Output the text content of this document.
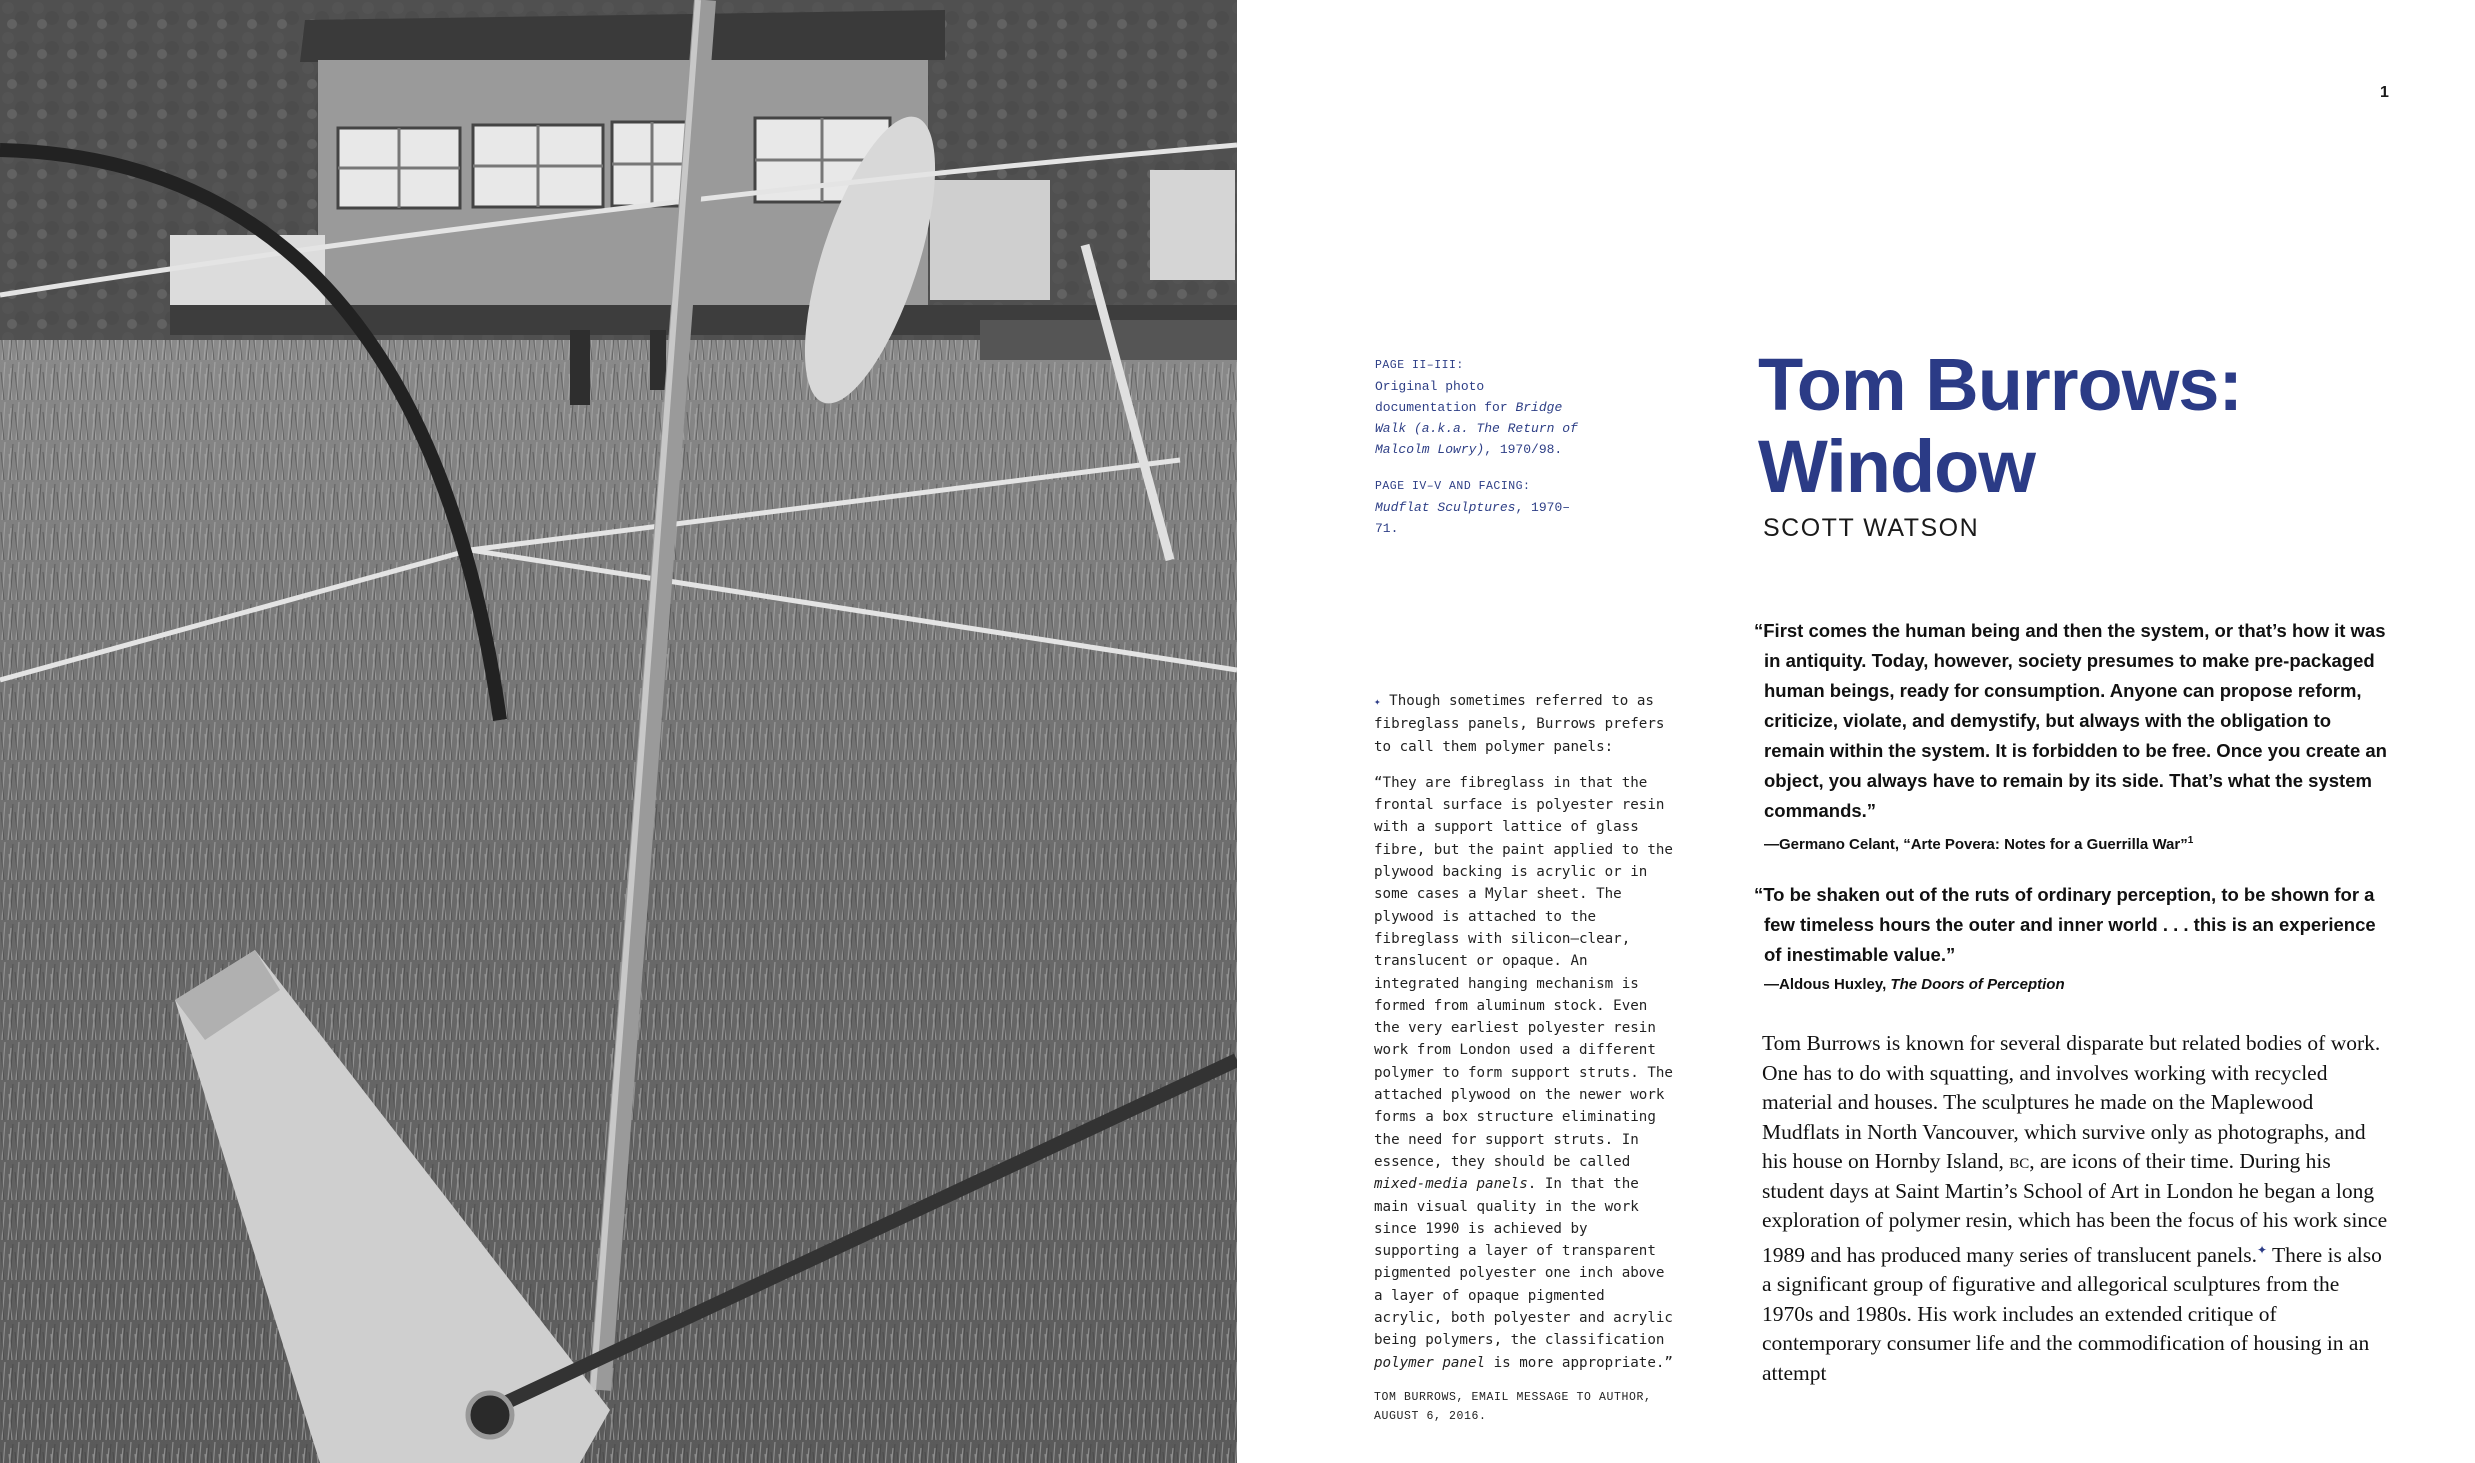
1
PAGE II–III:
Original photo documentation for Bridge Walk (a.k.a. The Return of Malcolm Lowry), 1970/98.
PAGE IV–V AND FACING:
Mudflat Sculptures, 1970–71.
Tom Burrows:
Window
SCOTT WATSON
“First comes the human being and then the system, or that’s how it was in antiquity. Today, however, society presumes to make pre-packaged human beings, ready for consumption. Anyone can propose reform, criticize, violate, and demystify, but always with the obligation to remain within the system. It is forbidden to be free. Once you create an object, you always have to remain by its side. That’s what the system commands.”
—Germano Celant, “Arte Povera: Notes for a Guerrilla War”$^1$
“To be shaken out of the ruts of ordinary perception, to be shown for a few timeless hours the outer and inner world . . . this is an experience of inestimable value.”
—Aldous Huxley, The Doors of Perception

Tom Burrows is known for several disparate but related bodies of work. One has to do with squatting, and involves working with recycled material and houses. The sculptures he made on the Maplewood Mudflats in North Vancouver, which survive only as photographs, and his house on Hornby Island, bc, are icons of their time. During his student days at Saint Martin’s School of Art in London he began a long exploration of polymer resin, which has been the focus of his work since 1989 and has produced many series of translucent panels.✦ There is also a significant group of figurative and allegorical sculptures from the 1970s and 1980s. His work includes an extended critique of contemporary consumer life and the commodification of housing in an attempt

✦ Though sometimes referred to as fibreglass panels, Burrows prefers to call them polymer panels:

“They are fibreglass in that the frontal surface is polyester resin with a support lattice of glass fibre, but the paint applied to the plywood backing is acrylic or in some cases a Mylar sheet. The plywood is attached to the fibreglass with silicon–clear, translucent or opaque. An integrated hanging mechanism is formed from aluminum stock. Even the very earliest polyester resin work from London used a different polymer to form support struts. The attached plywood on the newer work forms a box structure eliminating the need for support struts. In essence, they should be called mixed-media panels. In that the main visual quality in the work since 1990 is achieved by supporting a layer of transparent pigmented polyester one inch above a layer of opaque pigmented acrylic, both polyester and acrylic being polymers, the classification polymer panel is more appropriate.”

TOM BURROWS, EMAIL MESSAGE TO AUTHOR, AUGUST 6, 2016.
